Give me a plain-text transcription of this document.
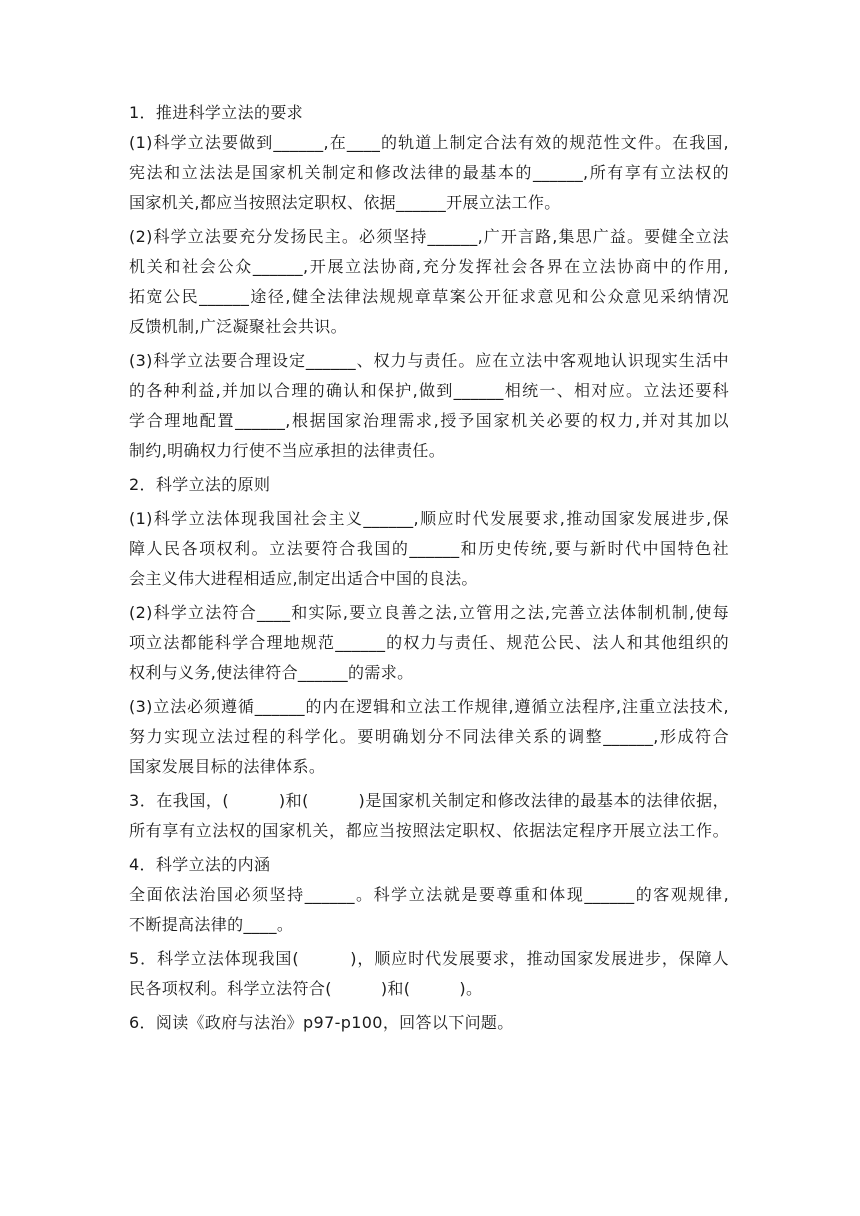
1．推进科学立法的要求
(1)科学立法要做到______,在____的轨道上制定合法有效的规范性文件。在我国,
宪法和立法法是国家机关制定和修改法律的最基本的______,所有享有立法权的
国家机关,都应当按照法定职权、依据______开展立法工作。
(2)科学立法要充分发扬民主。必须坚持______,广开言路,集思广益。要健全立法
机关和社会公众______,开展立法协商,充分发挥社会各界在立法协商中的作用,
拓宽公民______途径,健全法律法规规章草案公开征求意见和公众意见采纳情况
反馈机制,广泛凝聚社会共识。
(3)科学立法要合理设定______、权力与责任。应在立法中客观地认识现实生活中
的各种利益,并加以合理的确认和保护,做到______相统一、相对应。立法还要科
学合理地配置______,根据国家治理需求,授予国家机关必要的权力,并对其加以
制约,明确权力行使不当应承担的法律责任。
2．科学立法的原则
(1)科学立法体现我国社会主义______,顺应时代发展要求,推动国家发展进步,保
障人民各项权利。立法要符合我国的______和历史传统,要与新时代中国特色社
会主义伟大进程相适应,制定出适合中国的良法。
(2)科学立法符合____和实际,要立良善之法,立管用之法,完善立法体制机制,使每
项立法都能科学合理地规范______的权力与责任、规范公民、法人和其他组织的
权利与义务,使法律符合______的需求。
(3)立法必须遵循______的内在逻辑和立法工作规律,遵循立法程序,注重立法技术,
努力实现立法过程的科学化。要明确划分不同法律关系的调整______,形成符合
国家发展目标的法律体系。
3．在我国，(　　　)和(　　　)是国家机关制定和修改法律的最基本的法律依据，
所有享有立法权的国家机关，都应当按照法定职权、依据法定程序开展立法工作。
4．科学立法的内涵
全面依法治国必须坚持______。科学立法就是要尊重和体现______的客观规律,
不断提高法律的____。
5．科学立法体现我国(　　　)，顺应时代发展要求，推动国家发展进步，保障人
民各项权利。科学立法符合(　　　)和(　　　)。
6．阅读《政府与法治》p97-p100，回答以下问题。
